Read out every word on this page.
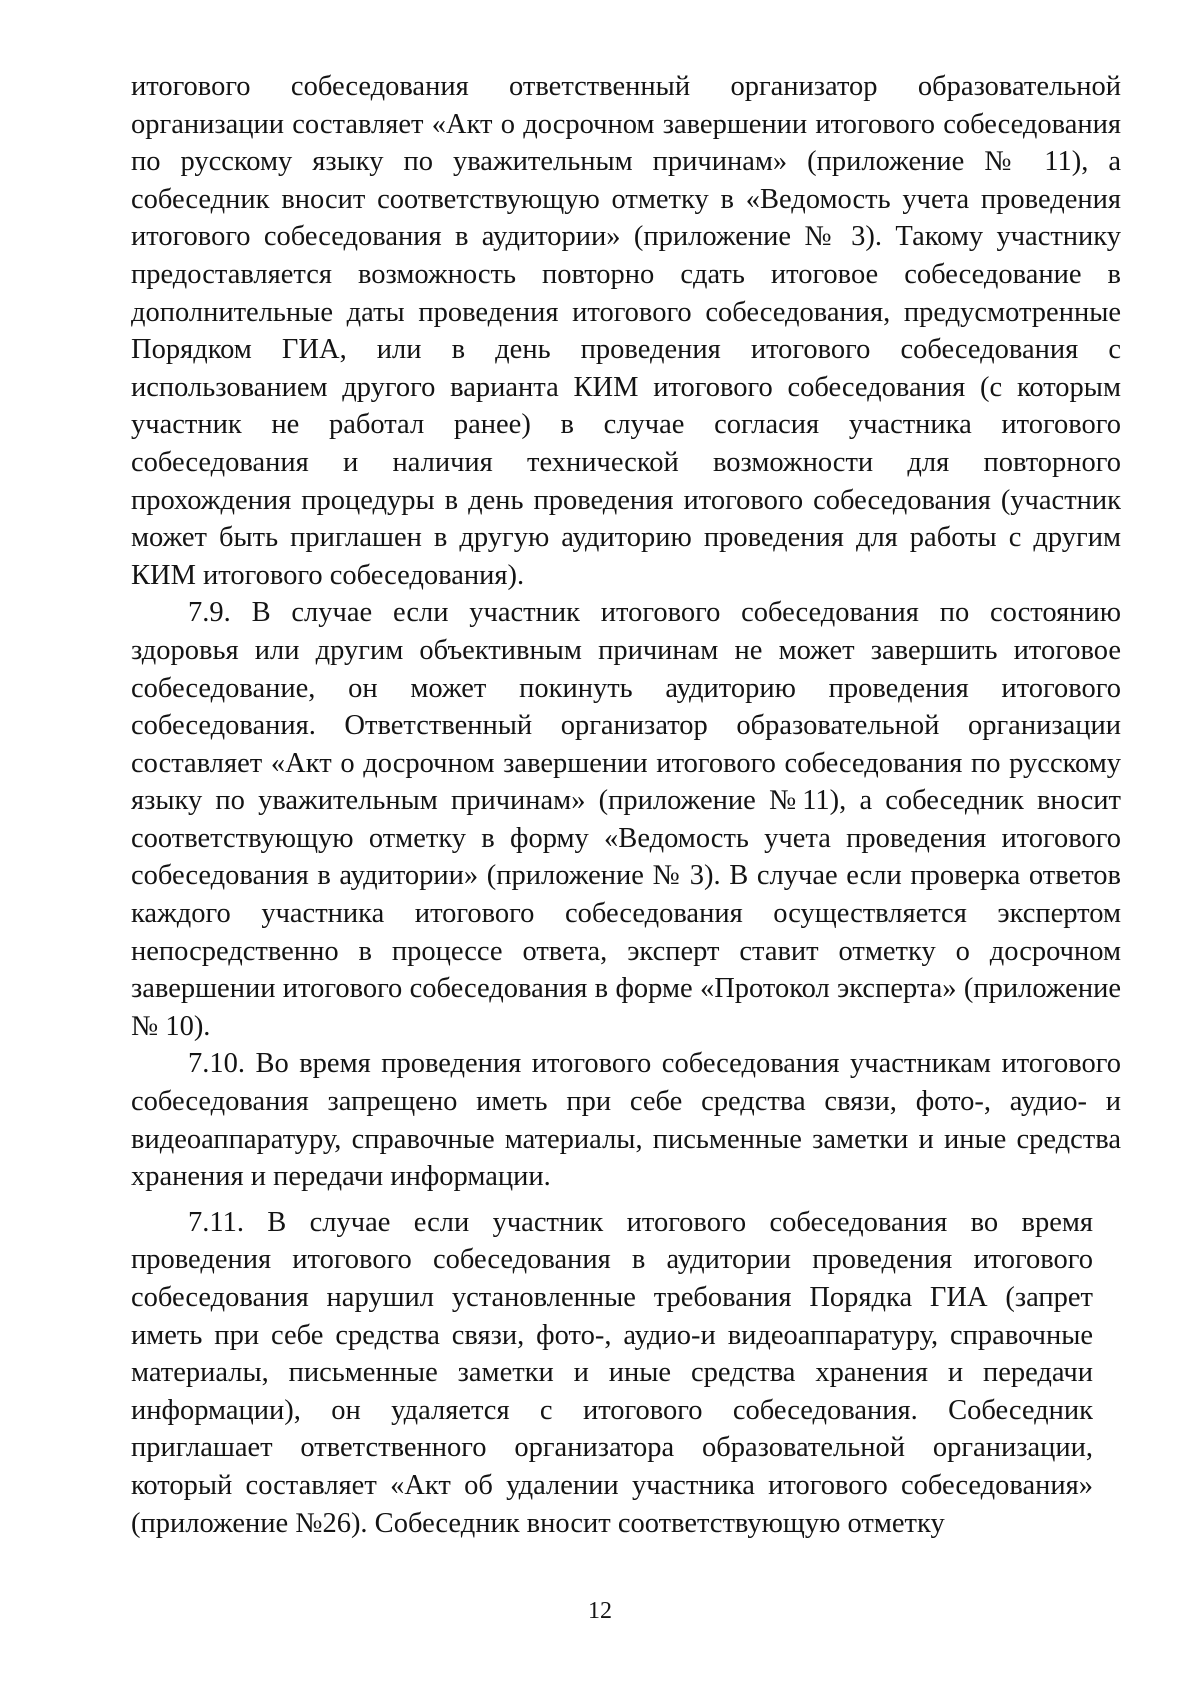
итогового собеседования ответственный организатор образовательной организации составляет «Акт о досрочном завершении итогового собеседования по русскому языку по уважительным причинам» (приложение № 11), а собеседник вносит соответствующую отметку в «Ведомость учета проведения итогового собеседования в аудитории» (приложение № 3). Такому участнику предоставляется возможность повторно сдать итоговое собеседование в дополнительные даты проведения итогового собеседования, предусмотренные Порядком ГИА, или в день проведения итогового собеседования с использованием другого варианта КИМ итогового собеседования (с которым участник не работал ранее) в случае согласия участника итогового собеседования и наличия технической возможности для повторного прохождения процедуры в день проведения итогового собеседования (участник может быть приглашен в другую аудиторию проведения для работы с другим КИМ итогового собеседования).

7.9. В случае если участник итогового собеседования по состоянию здоровья или другим объективным причинам не может завершить итоговое собеседование, он может покинуть аудиторию проведения итогового собеседования. Ответственный организатор образовательной организации составляет «Акт о досрочном завершении итогового собеседования по русскому языку по уважительным причинам» (приложение №11), а собеседник вносит соответствующую отметку в форму «Ведомость учета проведения итогового собеседования в аудитории» (приложение № 3). В случае если проверка ответов каждого участника итогового собеседования осуществляется экспертом непосредственно в процессе ответа, эксперт ставит отметку о досрочном завершении итогового собеседования в форме «Протокол эксперта» (приложение № 10).

7.10. Во время проведения итогового собеседования участникам итогового собеседования запрещено иметь при себе средства связи, фото-, аудио- и видеоаппаратуру, справочные материалы, письменные заметки и иные средства хранения и передачи информации.

7.11. В случае если участник итогового собеседования во время проведения итогового собеседования в аудитории проведения итогового собеседования нарушил установленные требования Порядка ГИА (запрет иметь при себе средства связи, фото-, аудио-и видеоаппаратуру, справочные материалы, письменные заметки и иные средства хранения и передачи информации), он удаляется с итогового собеседования. Собеседник приглашает ответственного организатора образовательной организации, который составляет «Акт об удалении участника итогового собеседования» (приложение №26). Собеседник вносит соответствующую отметку

12
